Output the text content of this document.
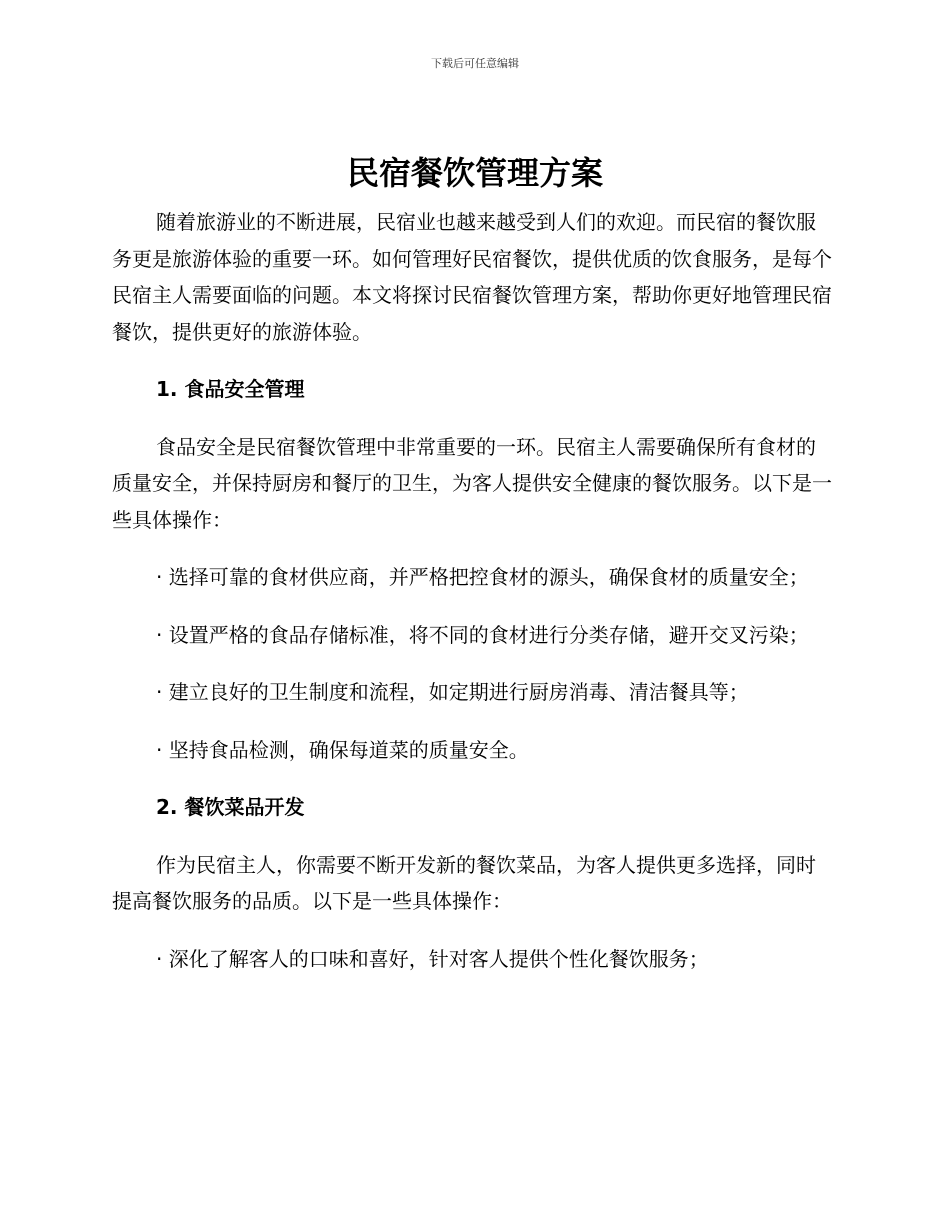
下载后可任意编辑
民宿餐饮管理方案

随着旅游业的不断进展，民宿业也越来越受到人们的欢迎。而民宿的餐饮服务更是旅游体验的重要一环。如何管理好民宿餐饮，提供优质的饮食服务，是每个民宿主人需要面临的问题。本文将探讨民宿餐饮管理方案，帮助你更好地管理民宿餐饮，提供更好的旅游体验。

1. 食品安全管理

食品安全是民宿餐饮管理中非常重要的一环。民宿主人需要确保所有食材的质量安全，并保持厨房和餐厅的卫生，为客人提供安全健康的餐饮服务。以下是一些具体操作：

· 选择可靠的食材供应商，并严格把控食材的源头，确保食材的质量安全；

· 设置严格的食品存储标准，将不同的食材进行分类存储，避开交叉污染；

· 建立良好的卫生制度和流程，如定期进行厨房消毒、清洁餐具等；

· 坚持食品检测，确保每道菜的质量安全。

2. 餐饮菜品开发

作为民宿主人，你需要不断开发新的餐饮菜品，为客人提供更多选择，同时提高餐饮服务的品质。以下是一些具体操作：

· 深化了解客人的口味和喜好，针对客人提供个性化餐饮服务；
